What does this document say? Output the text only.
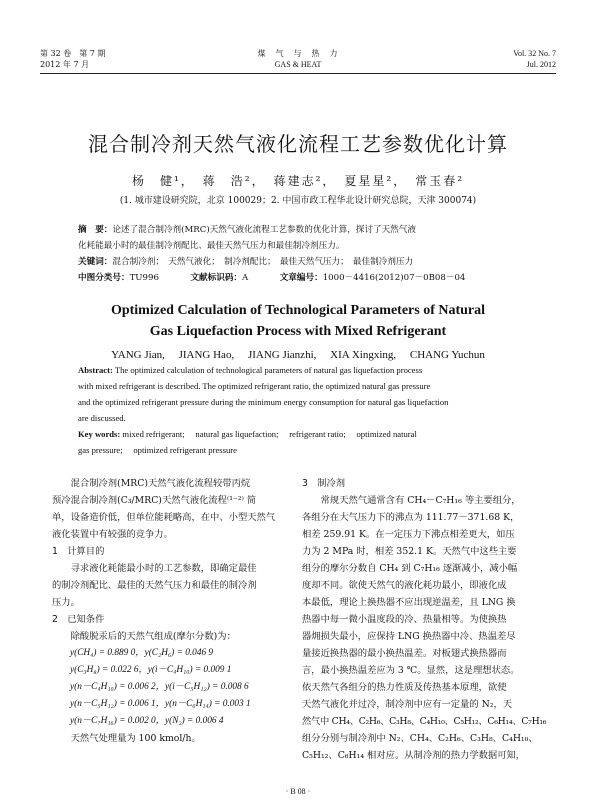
第 32 卷　第 7 期
2012 年 7 月
煤　气　与　热　力
GAS & HEAT
Vol. 32 No. 7
Jul. 2012
混合制冷剂天然气液化流程工艺参数优化计算
杨　健¹，　蒋　浩²，　蒋建志²，　夏星星²，　常玉春²
(1. 城市建设研究院，北京 100029；2. 中国市政工程华北设计研究总院，天津 300074)
摘　要：论述了混合制冷剂(MRC)天然气液化流程工艺参数的优化计算，探讨了天然气液
化耗能最小时的最佳制冷剂配比、最佳天然气压力和最佳制冷剂压力。
关键词：混合制冷剂；　天然气液化；　制冷剂配比；　最佳天然气压力；　最佳制冷剂压力
中图分类号：TU996	文献标识码：A	文章编号：1000－4416(2012)07－0B08－04
Optimized Calculation of Technological Parameters of Natural
Gas Liquefaction Process with Mixed Refrigerant
YANG Jian,　 JIANG Hao,　 JIANG Jianzhi,　 XIA Xingxing,　 CHANG Yuchun
Abstract: The optimized calculation of technological parameters of natural gas liquefaction process
with mixed refrigerant is described. The optimized refrigerant ratio, the optimized natural gas pressure
and the optimized refrigerant pressure during the minimum energy consumption for natural gas liquefaction
are discussed.
Key words: mixed refrigerant;　 natural gas liquefaction;　 refrigerant ratio;　 optimized natural
gas pressure;　 optimized refrigerant pressure
混合制冷剂(MRC)天然气液化流程较带丙烷
预冷混合制冷剂(C₃/MRC)天然气液化流程⁽¹⁻²⁾ 简
单，设备造价低，但单位能耗略高，在中、小型天然气
液化装置中有较强的竞争力。
1　计算目的
寻求液化耗能最小时的工艺参数，即确定最佳
的制冷剂配比、最佳的天然气压力和最佳的制冷剂
压力。
2　已知条件
除酸脱汞后的天然气组成(摩尔分数)为：
y(CH₄) = 0.889 0，y(C₂H₆) = 0.046 9
y(C₃H₈) = 0.022 6，y(i－C₄H₁₀) = 0.009 1
y(n－C₄H₁₀) = 0.006 2，y(i－C₅H₁₂) = 0.008 6
y(n－C₅H₁₂) = 0.006 1，y(n－C₆H₁₄) = 0.003 1
y(n－C₇H₁₆) = 0.002 0，y(N₂) = 0.006 4
天然气处理量为 100 kmol/h。
3　制冷剂
常规天然气通常含有 CH₄－C₇H₁₆ 等主要组分，
各组分在大气压力下的沸点为 111.77－371.68 K，
相差 259.91 K。在一定压力下沸点相差更大，如压
力为 2 MPa 时，相差 352.1 K。天然气中这些主要
组分的摩尔分数自 CH₄ 到 C₇H₁₆ 逐渐减小，减小幅
度却不同。欲使天然气的液化耗功最小，即液化成
本最低，理论上换热器不应出现逆温差，且 LNG 换
热器中每一微小温度段的冷、热量相等。为使换热
器㶲损失最小，应保持 LNG 换热器中冷、热温差尽
量接近换热器的最小换热温差。对板翅式换热器而
言，最小换热温差应为 3 ℃。显然，这是理想状态。
依天然气各组分的热力性质及传热基本原理，欲使
天然气液化并过冷，制冷剂中应有一定量的 N₂，天
然气中 CH₄、C₂H₆、C₃H₈、C₄H₁₀、C₅H₁₂、C₆H₁₄、C₇H₁₆
组分分别与制冷剂中 N₂、CH₄、C₂H₆、C₃H₈、C₄H₁₀、
C₅H₁₂、C₆H₁₄ 相对应。从制冷剂的热力学数据可知，
· B 08 ·
